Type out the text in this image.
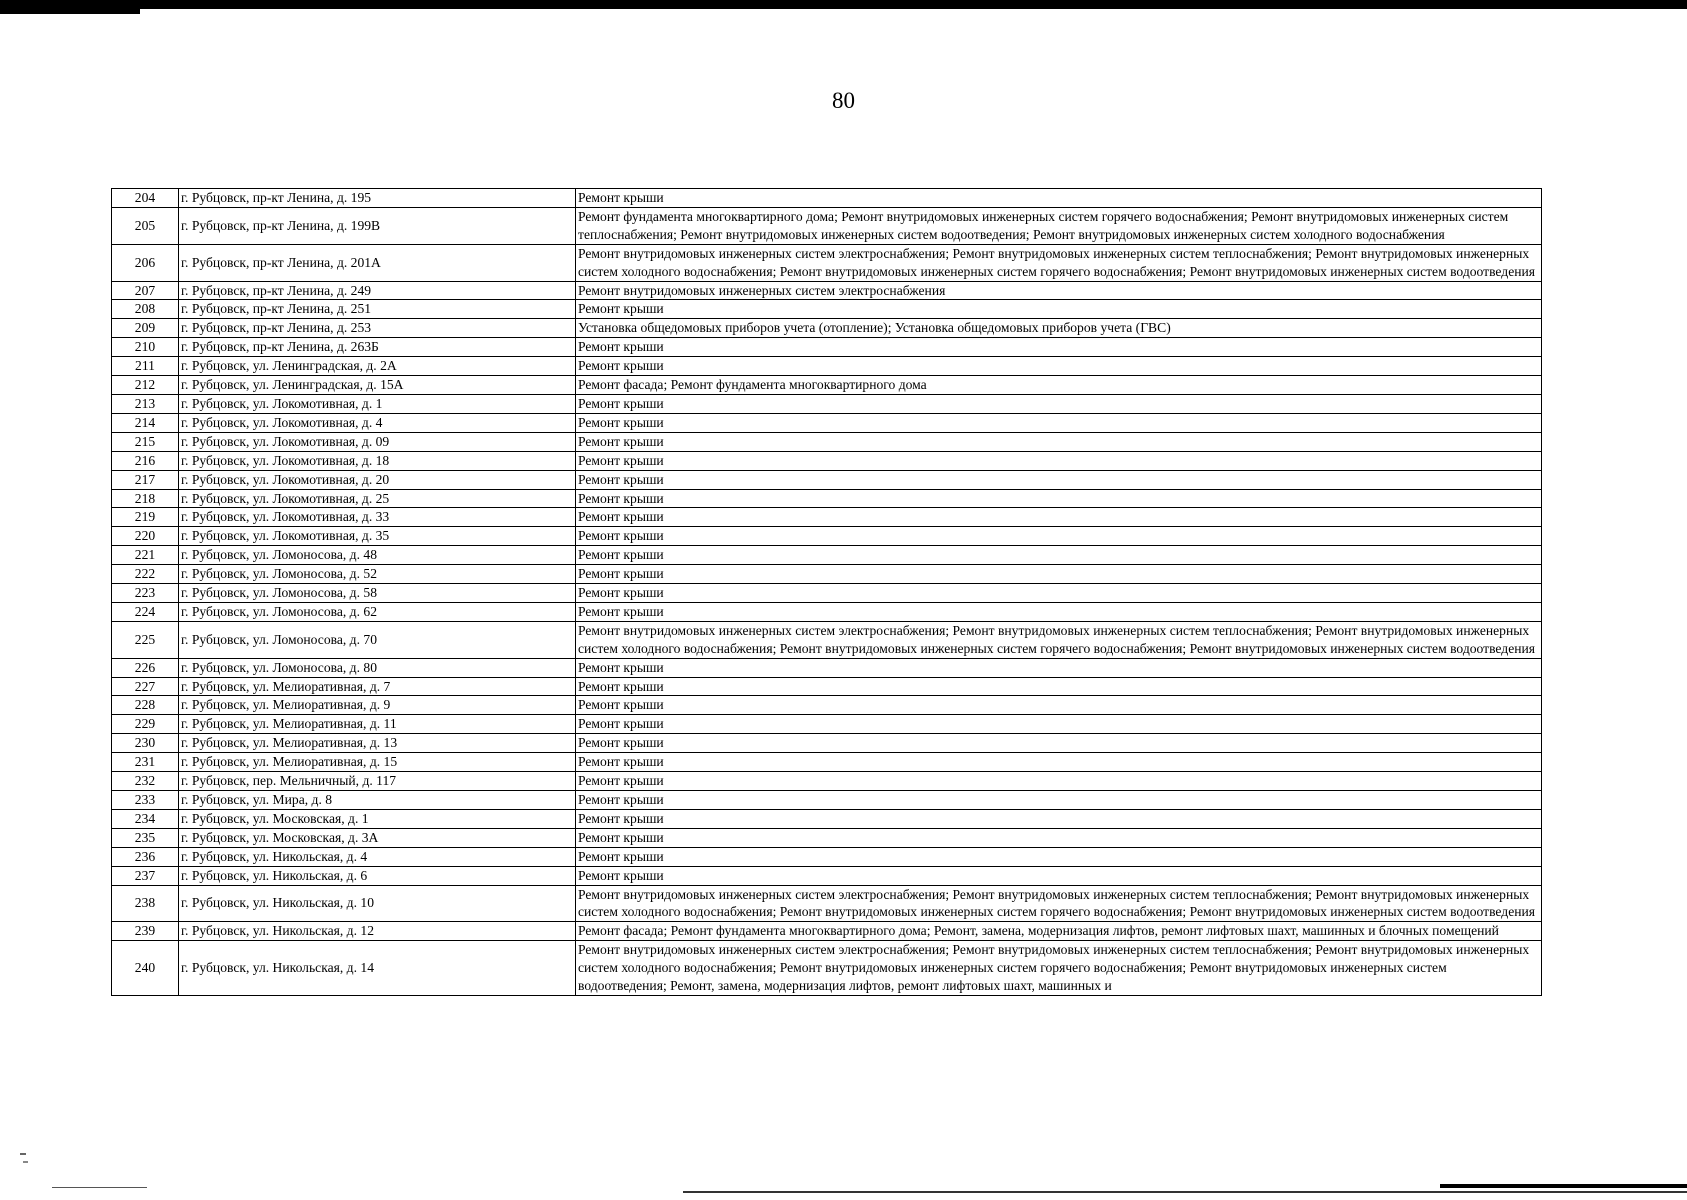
80
204	г. Рубцовск, пр-кт Ленина, д. 195	Ремонт крыши
205	г. Рубцовск, пр-кт Ленина, д. 199В	Ремонт фундамента многоквартирного дома; Ремонт внутридомовых инженерных систем горячего водоснабжения; Ремонт внутридомовых инженерных систем теплоснабжения; Ремонт внутридомовых инженерных систем водоотведения; Ремонт внутридомовых инженерных систем холодного водоснабжения
206	г. Рубцовск, пр-кт Ленина, д. 201А	Ремонт внутридомовых инженерных систем электроснабжения; Ремонт внутридомовых инженерных систем теплоснабжения; Ремонт внутридомовых инженерных систем холодного водоснабжения; Ремонт внутридомовых инженерных систем горячего водоснабжения; Ремонт внутридомовых инженерных систем водоотведения
207	г. Рубцовск, пр-кт Ленина, д. 249	Ремонт внутридомовых инженерных систем электроснабжения
208	г. Рубцовск, пр-кт Ленина, д. 251	Ремонт крыши
209	г. Рубцовск, пр-кт Ленина, д. 253	Установка общедомовых приборов учета (отопление); Установка общедомовых приборов учета (ГВС)
210	г. Рубцовск, пр-кт Ленина, д. 263Б	Ремонт крыши
211	г. Рубцовск, ул. Ленинградская, д. 2А	Ремонт крыши
212	г. Рубцовск, ул. Ленинградская, д. 15А	Ремонт фасада; Ремонт фундамента многоквартирного дома
213	г. Рубцовск, ул. Локомотивная, д. 1	Ремонт крыши
214	г. Рубцовск, ул. Локомотивная, д. 4	Ремонт крыши
215	г. Рубцовск, ул. Локомотивная, д. 09	Ремонт крыши
216	г. Рубцовск, ул. Локомотивная, д. 18	Ремонт крыши
217	г. Рубцовск, ул. Локомотивная, д. 20	Ремонт крыши
218	г. Рубцовск, ул. Локомотивная, д. 25	Ремонт крыши
219	г. Рубцовск, ул. Локомотивная, д. 33	Ремонт крыши
220	г. Рубцовск, ул. Локомотивная, д. 35	Ремонт крыши
221	г. Рубцовск, ул. Ломоносова, д. 48	Ремонт крыши
222	г. Рубцовск, ул. Ломоносова, д. 52	Ремонт крыши
223	г. Рубцовск, ул. Ломоносова, д. 58	Ремонт крыши
224	г. Рубцовск, ул. Ломоносова, д. 62	Ремонт крыши
225	г. Рубцовск, ул. Ломоносова, д. 70	Ремонт внутридомовых инженерных систем электроснабжения; Ремонт внутридомовых инженерных систем теплоснабжения; Ремонт внутридомовых инженерных систем холодного водоснабжения; Ремонт внутридомовых инженерных систем горячего водоснабжения; Ремонт внутридомовых инженерных систем водоотведения
226	г. Рубцовск, ул. Ломоносова, д. 80	Ремонт крыши
227	г. Рубцовск, ул. Мелиоративная, д. 7	Ремонт крыши
228	г. Рубцовск, ул. Мелиоративная, д. 9	Ремонт крыши
229	г. Рубцовск, ул. Мелиоративная, д. 11	Ремонт крыши
230	г. Рубцовск, ул. Мелиоративная, д. 13	Ремонт крыши
231	г. Рубцовск, ул. Мелиоративная, д. 15	Ремонт крыши
232	г. Рубцовск, пер. Мельничный, д. 117	Ремонт крыши
233	г. Рубцовск, ул. Мира, д. 8	Ремонт крыши
234	г. Рубцовск, ул. Московская, д. 1	Ремонт крыши
235	г. Рубцовск, ул. Московская, д. 3А	Ремонт крыши
236	г. Рубцовск, ул. Никольская, д. 4	Ремонт крыши
237	г. Рубцовск, ул. Никольская, д. 6	Ремонт крыши
238	г. Рубцовск, ул. Никольская, д. 10	Ремонт внутридомовых инженерных систем электроснабжения; Ремонт внутридомовых инженерных систем теплоснабжения; Ремонт внутридомовых инженерных систем холодного водоснабжения; Ремонт внутридомовых инженерных систем горячего водоснабжения; Ремонт внутридомовых инженерных систем водоотведения
239	г. Рубцовск, ул. Никольская, д. 12	Ремонт фасада; Ремонт фундамента многоквартирного дома; Ремонт, замена, модернизация лифтов, ремонт лифтовых шахт, машинных и блочных помещений
240	г. Рубцовск, ул. Никольская, д. 14	Ремонт внутридомовых инженерных систем электроснабжения; Ремонт внутридомовых инженерных систем теплоснабжения; Ремонт внутридомовых инженерных систем холодного водоснабжения; Ремонт внутридомовых инженерных систем горячего водоснабжения; Ремонт внутридомовых инженерных систем водоотведения; Ремонт, замена, модернизация лифтов, ремонт лифтовых шахт, машинных и
